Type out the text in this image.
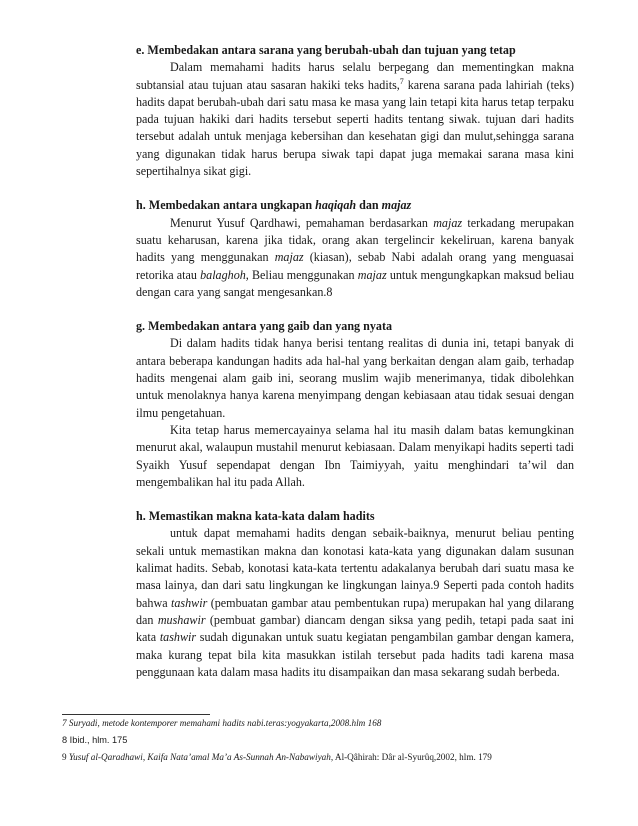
e. Membedakan antara sarana yang berubah-ubah dan tujuan yang tetap

Dalam memahami hadits harus selalu berpegang dan mementingkan makna subtansial atau tujuan atau sasaran hakiki teks hadits,$^7$ karena sarana pada lahiriah (teks) hadits dapat berubah-ubah dari satu masa ke masa yang lain tetapi kita harus tetap terpaku pada tujuan hakiki dari hadits tersebut seperti hadits tentang siwak. tujuan dari hadits tersebut adalah untuk menjaga kebersihan dan kesehatan gigi dan mulut,sehingga sarana yang digunakan tidak harus berupa siwak tapi dapat juga memakai sarana masa kini sepertihalnya sikat gigi.

h. Membedakan antara ungkapan haqiqah dan majaz

Menurut Yusuf Qardhawi, pemahaman berdasarkan majaz terkadang merupakan suatu keharusan, karena jika tidak, orang akan tergelincir kekeliruan, karena banyak hadits yang menggunakan majaz (kiasan), sebab Nabi adalah orang yang menguasai retorika atau balaghoh, Beliau menggunakan majaz untuk mengungkapkan maksud beliau dengan cara yang sangat mengesankan.8

g. Membedakan antara yang gaib dan yang nyata

Di dalam hadits tidak hanya berisi tentang realitas di dunia ini, tetapi banyak di antara beberapa kandungan hadits ada hal-hal yang berkaitan dengan alam gaib, terhadap hadits mengenai alam gaib ini, seorang muslim wajib menerimanya, tidak dibolehkan untuk menolaknya hanya karena menyimpang dengan kebiasaan atau tidak sesuai dengan ilmu pengetahuan.

Kita tetap harus memercayainya selama hal itu masih dalam batas kemungkinan menurut akal, walaupun mustahil menurut kebiasaan. Dalam menyikapi hadits seperti tadi Syaikh Yusuf sependapat dengan Ibn Taimiyyah, yaitu menghindari ta’wil dan mengembalikan hal itu pada Allah.

h. Memastikan makna kata-kata dalam hadits

untuk dapat memahami hadits dengan sebaik-baiknya, menurut beliau penting sekali untuk memastikan makna dan konotasi kata-kata yang digunakan dalam susunan kalimat hadits. Sebab, konotasi kata-kata tertentu adakalanya berubah dari suatu masa ke masa lainya, dan dari satu lingkungan ke lingkungan lainya.9 Seperti pada contoh hadits bahwa tashwir (pembuatan gambar atau pembentukan rupa) merupakan hal yang dilarang dan mushawir (pembuat gambar) diancam dengan siksa yang pedih, tetapi pada saat ini kata tashwir sudah digunakan untuk suatu kegiatan pengambilan gambar dengan kamera, maka kurang tepat bila kita masukkan istilah tersebut pada hadits tadi karena masa penggunaan kata dalam masa hadits itu disampaikan dan masa sekarang sudah berbeda.

7 Suryadi, metode kontemporer memahami hadits nabi.teras:yogyakarta,2008.hlm 168

8 Ibid., hlm. 175

9 Yusuf al-Qaradhawi, Kaifa Nata’amal Ma’a As-Sunnah An-Nabawiyah, Al-Qâhirah: Dâr al-Syurûq,2002, hlm. 179
